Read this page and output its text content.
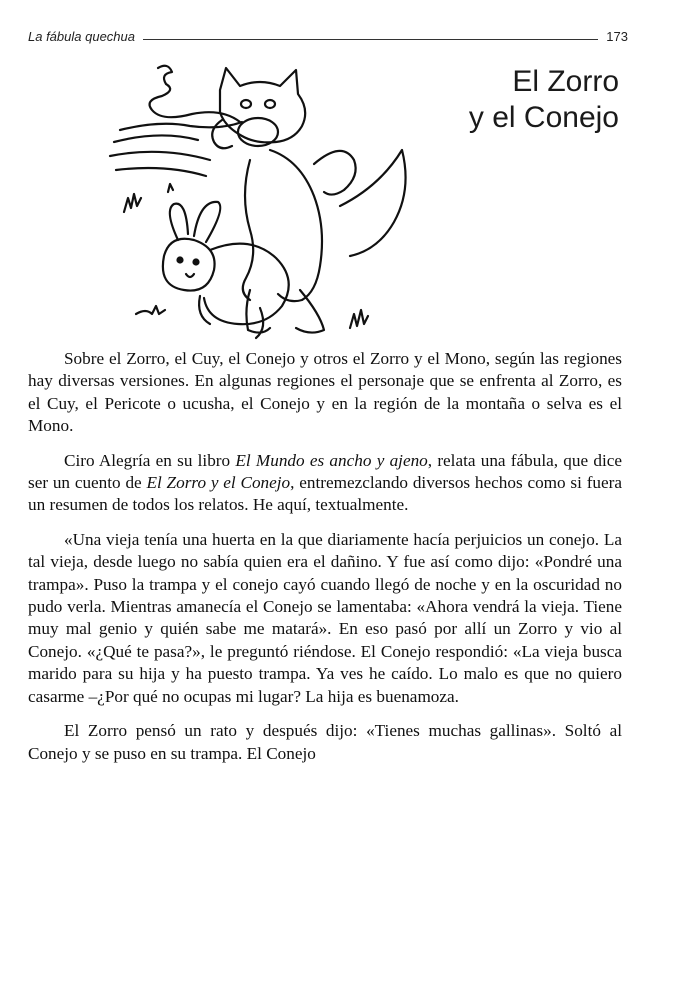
La fábula quechua	173
El Zorro
y el Conejo

Sobre el Zorro, el Cuy, el Conejo y otros el Zorro y el Mono, según las regiones hay diversas versiones. En algunas regiones el personaje que se enfrenta al Zorro, es el Cuy, el Pericote o ucusha, el Conejo y en la región de la montaña o selva es el Mono.

Ciro Alegría en su libro El Mundo es ancho y ajeno, relata una fábula, que dice ser un cuento de El Zorro y el Conejo, entremezclando diversos hechos como si fuera un resumen de todos los relatos. He aquí, textualmente.

«Una vieja tenía una huerta en la que diariamente hacía perjuicios un conejo. La tal vieja, desde luego no sabía quien era el dañino. Y fue así como dijo: «Pondré una trampa». Puso la trampa y el conejo cayó cuando llegó de noche y en la oscuridad no pudo verla. Mientras amanecía el Conejo se lamentaba: «Ahora vendrá la vieja. Tiene muy mal genio y quién sabe me matará». En eso pasó por allí un Zorro y vio al Conejo. «¿Qué te pasa?», le preguntó riéndose. El Conejo respondió: «La vieja busca marido para su hija y ha puesto trampa. Ya ves he caído. Lo malo es que no quiero casarme –¿Por qué no ocupas mi lugar? La hija es buenamoza.

El Zorro pensó un rato y después dijo: «Tienes muchas gallinas». Soltó al Conejo y se puso en su trampa. El Conejo
